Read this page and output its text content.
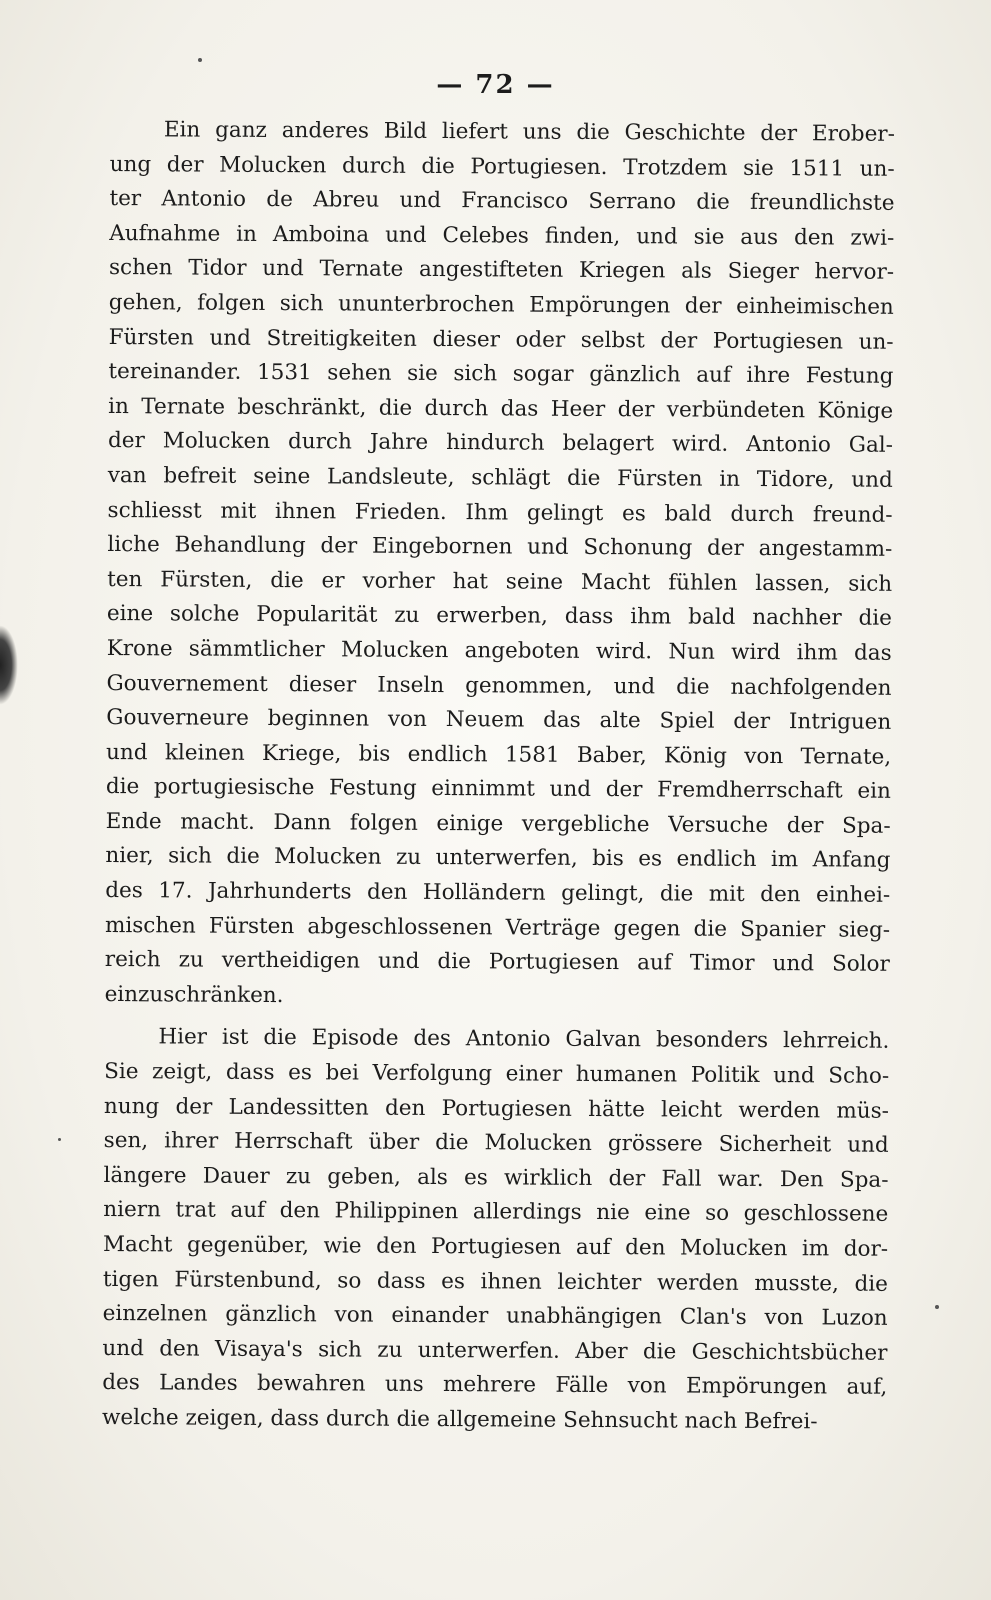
— 72 —
Ein ganz anderes Bild liefert uns die Geschichte der Erober-
ung der Molucken durch die Portugiesen. Trotzdem sie 1511 un-
ter Antonio de Abreu und Francisco Serrano die freundlichste
Aufnahme in Amboina und Celebes finden, und sie aus den zwi-
schen Tidor und Ternate angestifteten Kriegen als Sieger hervor-
gehen, folgen sich ununterbrochen Empörungen der einheimischen
Fürsten und Streitigkeiten dieser oder selbst der Portugiesen un-
tereinander. 1531 sehen sie sich sogar gänzlich auf ihre Festung
in Ternate beschränkt, die durch das Heer der verbündeten Könige
der Molucken durch Jahre hindurch belagert wird. Antonio Gal-
van befreit seine Landsleute, schlägt die Fürsten in Tidore, und
schliesst mit ihnen Frieden. Ihm gelingt es bald durch freund-
liche Behandlung der Eingebornen und Schonung der angestamm-
ten Fürsten, die er vorher hat seine Macht fühlen lassen, sich
eine solche Popularität zu erwerben, dass ihm bald nachher die
Krone sämmtlicher Molucken angeboten wird. Nun wird ihm das
Gouvernement dieser Inseln genommen, und die nachfolgenden
Gouverneure beginnen von Neuem das alte Spiel der Intriguen
und kleinen Kriege, bis endlich 1581 Baber, König von Ternate,
die portugiesische Festung einnimmt und der Fremdherrschaft ein
Ende macht. Dann folgen einige vergebliche Versuche der Spa-
nier, sich die Molucken zu unterwerfen, bis es endlich im Anfang
des 17. Jahrhunderts den Holländern gelingt, die mit den einhei-
mischen Fürsten abgeschlossenen Verträge gegen die Spanier sieg-
reich zu vertheidigen und die Portugiesen auf Timor und Solor
einzuschränken.
Hier ist die Episode des Antonio Galvan besonders lehrreich.
Sie zeigt, dass es bei Verfolgung einer humanen Politik und Scho-
nung der Landessitten den Portugiesen hätte leicht werden müs-
sen, ihrer Herrschaft über die Molucken grössere Sicherheit und
längere Dauer zu geben, als es wirklich der Fall war. Den Spa-
niern trat auf den Philippinen allerdings nie eine so geschlossene
Macht gegenüber, wie den Portugiesen auf den Molucken im dor-
tigen Fürstenbund, so dass es ihnen leichter werden musste, die
einzelnen gänzlich von einander unabhängigen Clan's von Luzon
und den Visaya's sich zu unterwerfen. Aber die Geschichtsbücher
des Landes bewahren uns mehrere Fälle von Empörungen auf,
welche zeigen, dass durch die allgemeine Sehnsucht nach Befrei-
